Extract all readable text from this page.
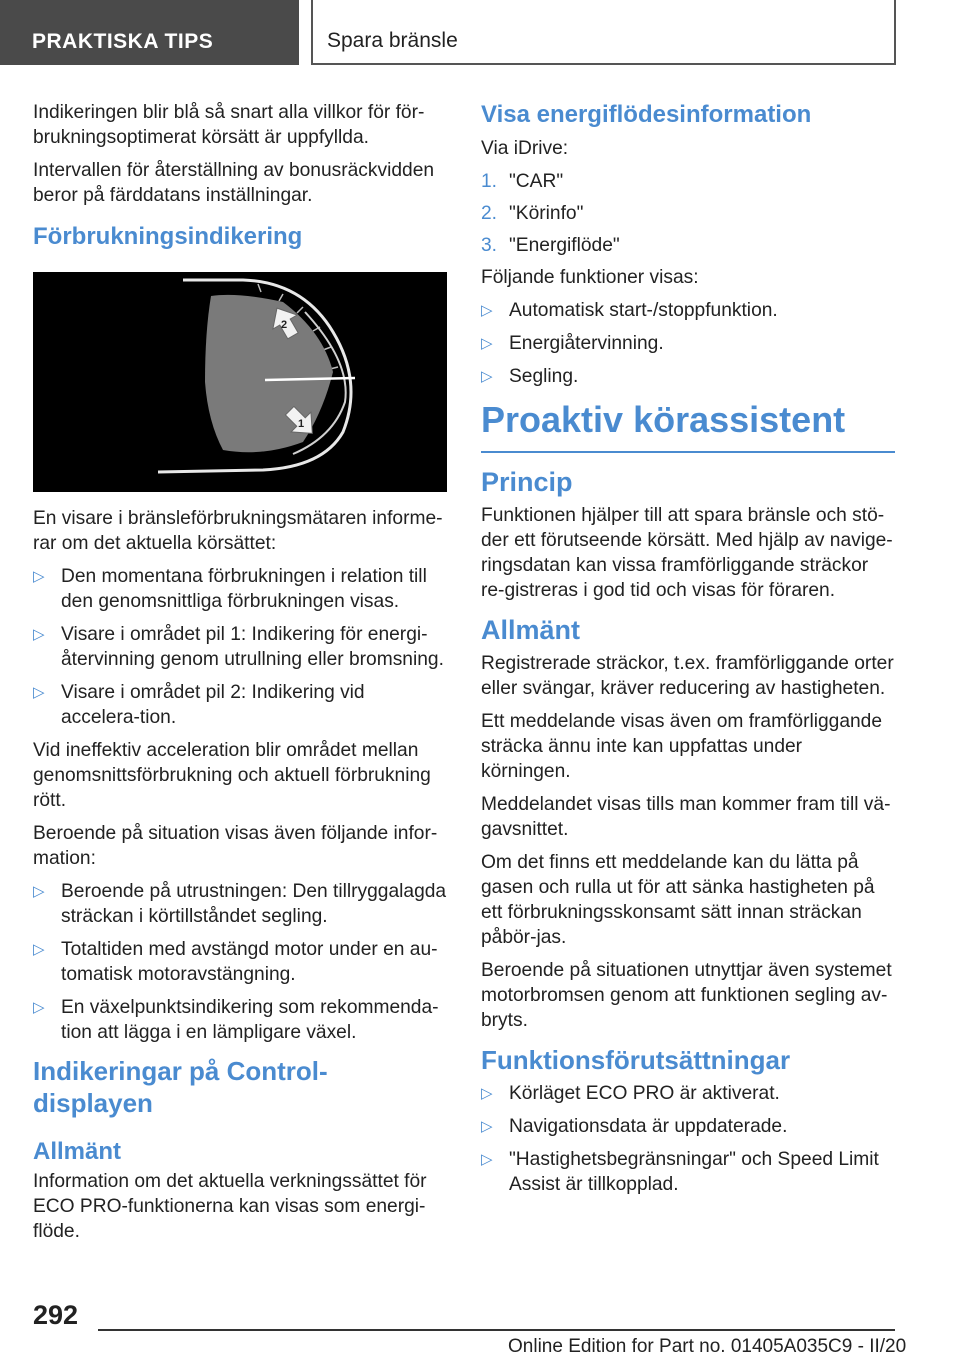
PRAKTISKA TIPS	Spara bränsle

Indikeringen blir blå så snart alla villkor för för-brukningsoptimerat körsätt är uppfyllda.

Intervallen för återställning av bonusräckvidden beror på färddatans inställningar.

Förbrukningsindikering
2
1

En visare i bränsleförbrukningsmätaren informe-rar om det aktuella körsättet:

▷ Den momentana förbrukningen i relation till den genomsnittliga förbrukningen visas.
▷ Visare i området pil 1: Indikering för energi-återvinning genom utrullning eller bromsning.
▷ Visare i området pil 2: Indikering vid accelera-tion.

Vid ineffektiv acceleration blir området mellan genomsnittsförbrukning och aktuell förbrukning rött.

Beroende på situation visas även följande infor-mation:

▷ Beroende på utrustningen: Den tillryggalagda sträckan i körtillståndet segling.
▷ Totaltiden med avstängd motor under en au-tomatisk motoravstängning.
▷ En växelpunktsindikering som rekommenda-tion att lägga i en lämpligare växel.
Indikeringar på Control-displayen
Allmänt

Information om det aktuella verkningssättet för ECO PRO-funktionerna kan visas som energi-flöde.

Visa energiflödesinformation

Via iDrive:

1. "CAR"
2. "Körinfo"
3. "Energiflöde"

Följande funktioner visas:

▷ Automatisk start-/stoppfunktion.
▷ Energiåtervinning.
▷ Segling.
Proaktiv körassistent
Princip

Funktionen hjälper till att spara bränsle och stö-der ett förutseende körsätt. Med hjälp av navige-ringsdatan kan vissa framförliggande sträckor re-gistreras i god tid och visas för föraren.

Allmänt

Registrerade sträckor, t.ex. framförliggande orter eller svängar, kräver reducering av hastigheten.

Ett meddelande visas även om framförliggande sträcka ännu inte kan uppfattas under körningen.

Meddelandet visas tills man kommer fram till vä-gavsnittet.

Om det finns ett meddelande kan du lätta på gasen och rulla ut för att sänka hastigheten på ett förbrukningsskonsamt sätt innan sträckan påbör-jas.

Beroende på situationen utnyttjar även systemet motorbromsen genom att funktionen segling av-bryts.

Funktionsförutsättningar
▷ Körläget ECO PRO är aktiverat.
▷ Navigationsdata är uppdaterade.
▷ "Hastighetsbegränsningar" och Speed Limit Assist är tillkopplad.
292
Online Edition for Part no. 01405A035C9 - II/20
